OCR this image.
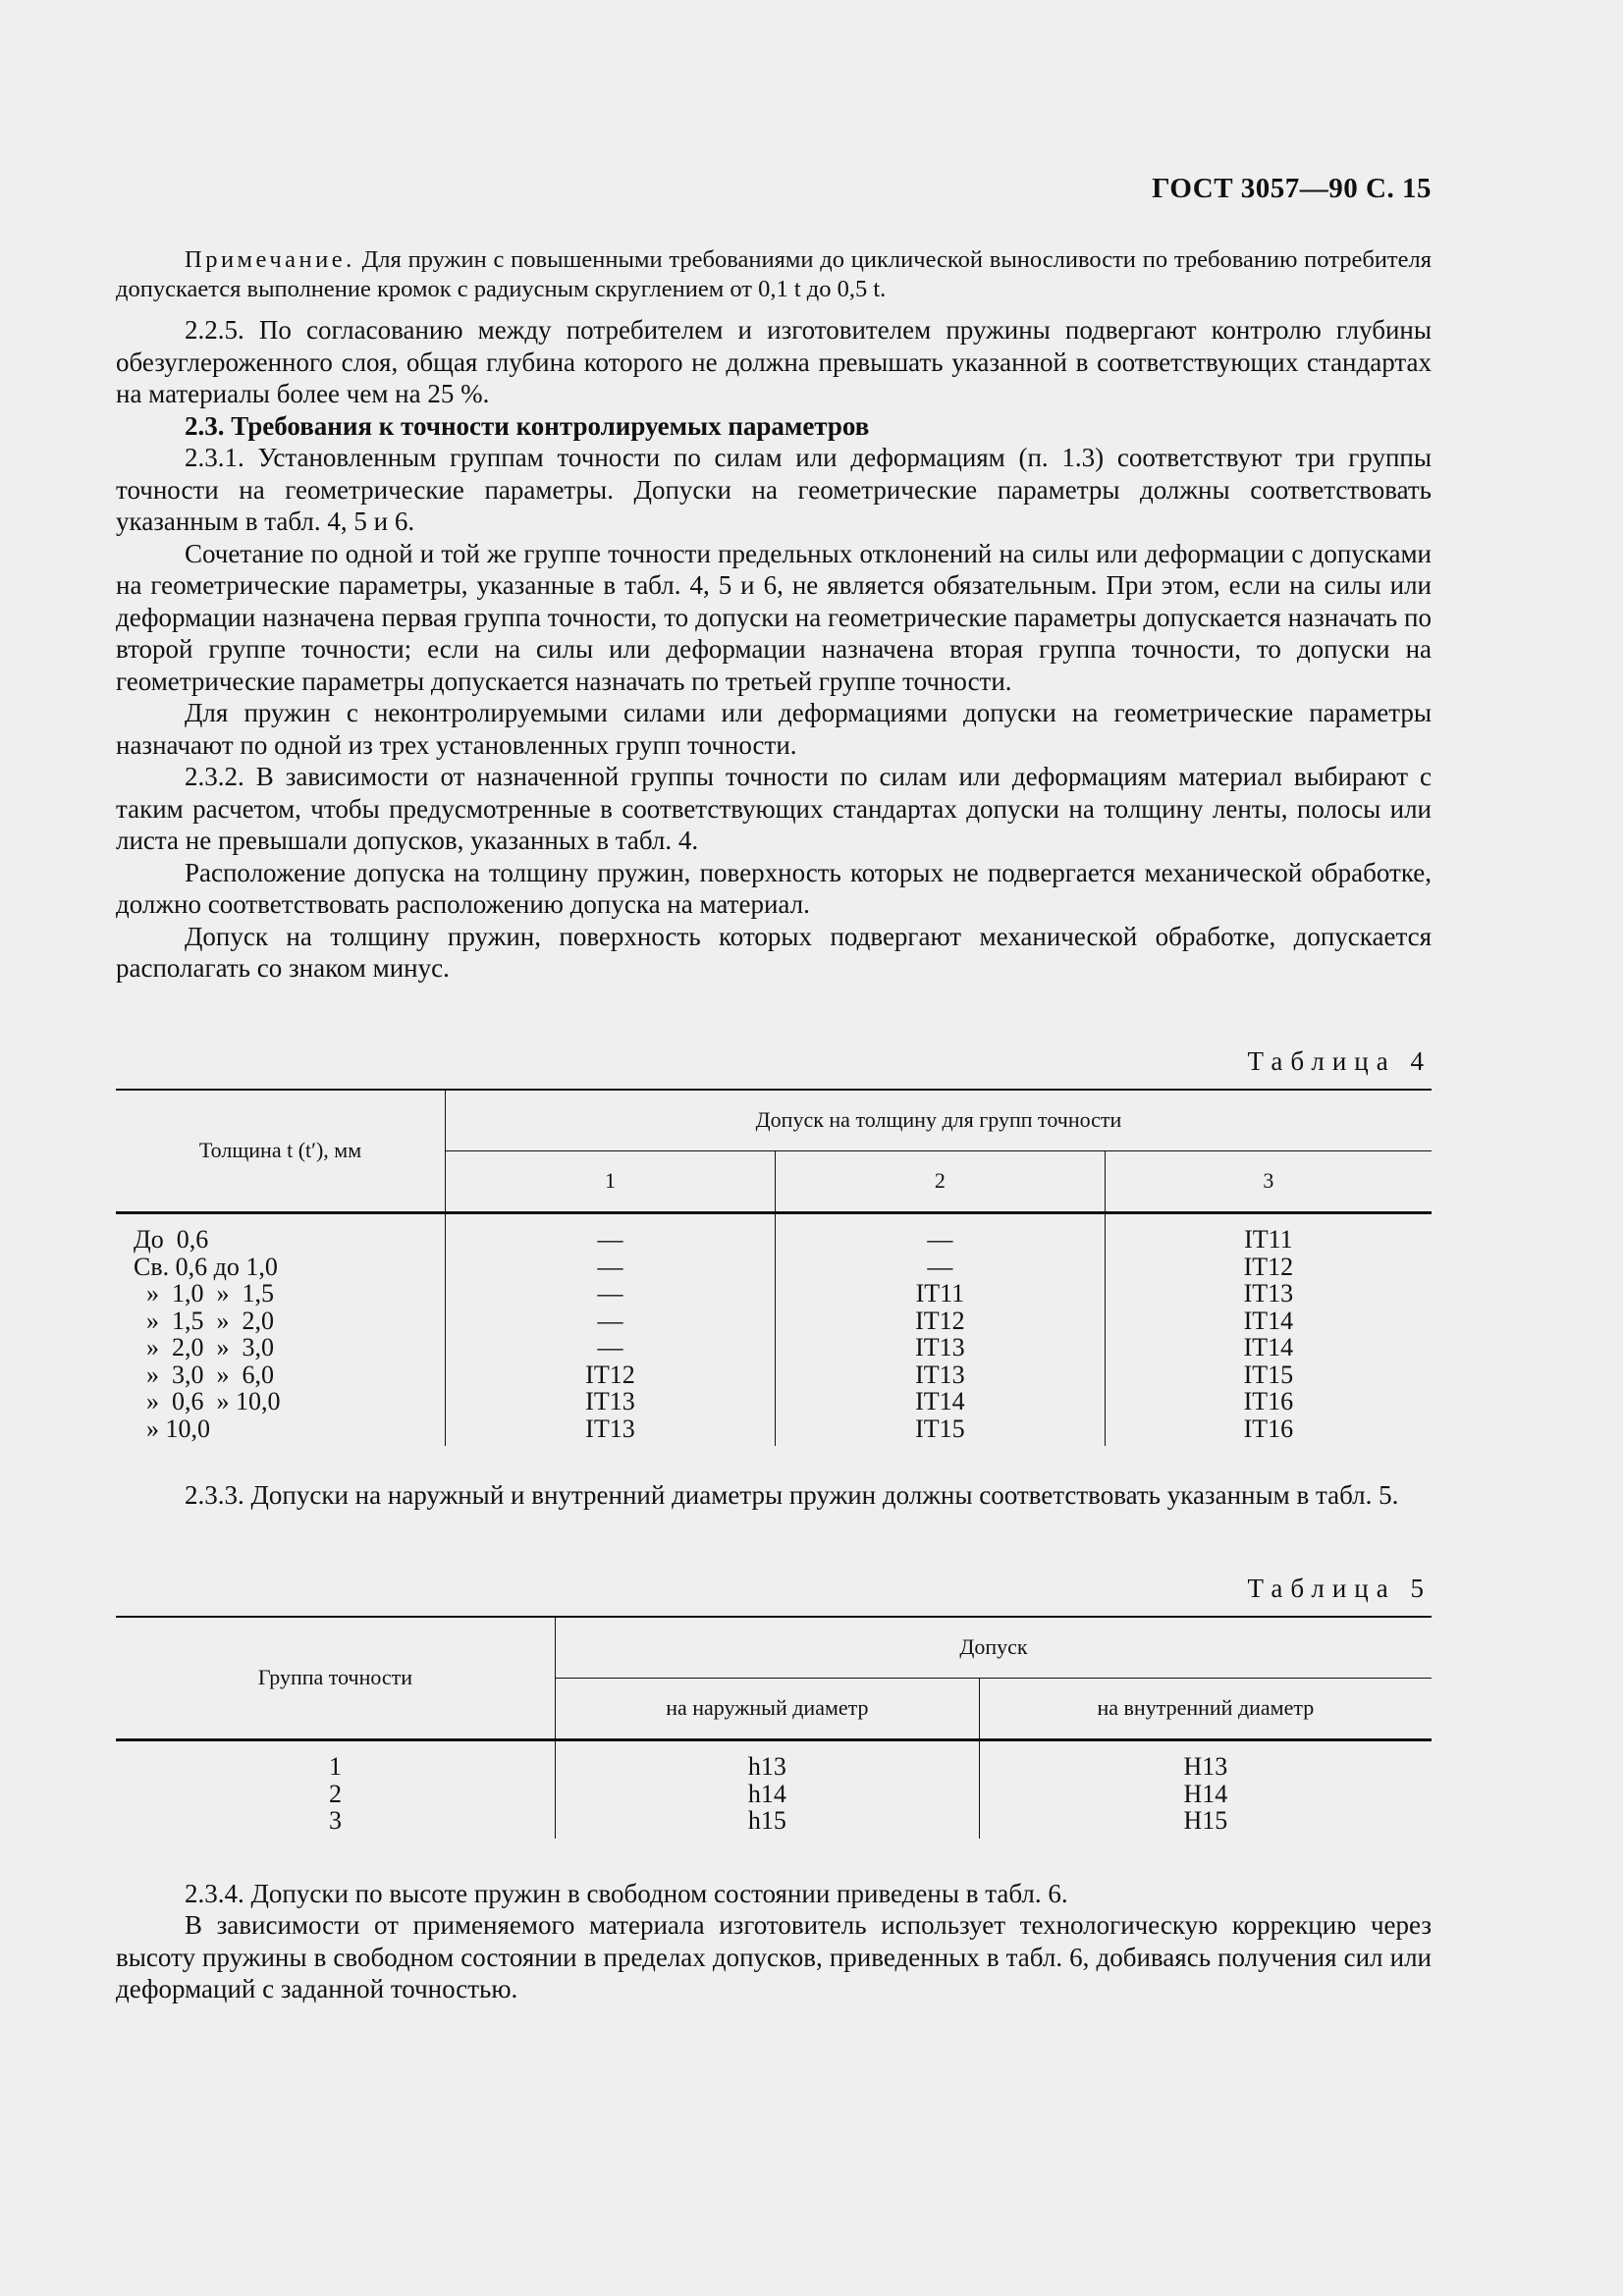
ГОСТ 3057—90 С. 15

Примечание. Для пружин с повышенными требованиями до циклической выносливости по требованию потребителя допускается выполнение кромок с радиусным скруглением от 0,1 t до 0,5 t.

2.2.5. По согласованию между потребителем и изготовителем пружины подвергают контролю глубины обезуглероженного слоя, общая глубина которого не должна превышать указанной в соответствующих стандартах на материалы более чем на 25 %.

2.3. Требования к точности контролируемых параметров

2.3.1. Установленным группам точности по силам или деформациям (п. 1.3) соответствуют три группы точности на геометрические параметры. Допуски на геометрические параметры должны соответствовать указанным в табл. 4, 5 и 6.

Сочетание по одной и той же группе точности предельных отклонений на силы или деформации с допусками на геометрические параметры, указанные в табл. 4, 5 и 6, не является обязательным. При этом, если на силы или деформации назначена первая группа точности, то допуски на геометрические параметры допускается назначать по второй группе точности; если на силы или деформации назначена вторая группа точности, то допуски на геометрические параметры допускается назначать по третьей группе точности.

Для пружин с неконтролируемыми силами или деформациями допуски на геометрические параметры назначают по одной из трех установленных групп точности.

2.3.2. В зависимости от назначенной группы точности по силам или деформациям материал выбирают с таким расчетом, чтобы предусмотренные в соответствующих стандартах допуски на толщину ленты, полосы или листа не превышали допусков, указанных в табл. 4.

Расположение допуска на толщину пружин, поверхность которых не подвергается механической обработке, должно соответствовать расположению допуска на материал.

Допуск на толщину пружин, поверхность которых подвергают механической обработке, допускается располагать со знаком минус.

Таблица 4
Толщина t (t′), мм	Допуск на толщину для групп точности		
	1	2	3
До  0,6	—	—	IT11
Св. 0,6 до 1,0	—	—	IT12
»  1,0  »  1,5	—	IT11	IT13
»  1,5  »  2,0	—	IT12	IT14
»  2,0  »  3,0	—	IT13	IT14
»  3,0  »  6,0	IT12	IT13	IT15
»  0,6  » 10,0	IT13	IT14	IT16
» 10,0	IT13	IT15	IT16

2.3.3. Допуски на наружный и внутренний диаметры пружин должны соответствовать указанным в табл. 5.

Таблица 5
Группа точности	Допуск	
	на наружный диаметр	на внутренний диаметр
1	h13	H13
2	h14	H14
3	h15	H15

2.3.4. Допуски по высоте пружин в свободном состоянии приведены в табл. 6.

В зависимости от применяемого материала изготовитель использует технологическую коррекцию через высоту пружины в свободном состоянии в пределах допусков, приведенных в табл. 6, добиваясь получения сил или деформаций с заданной точностью.
